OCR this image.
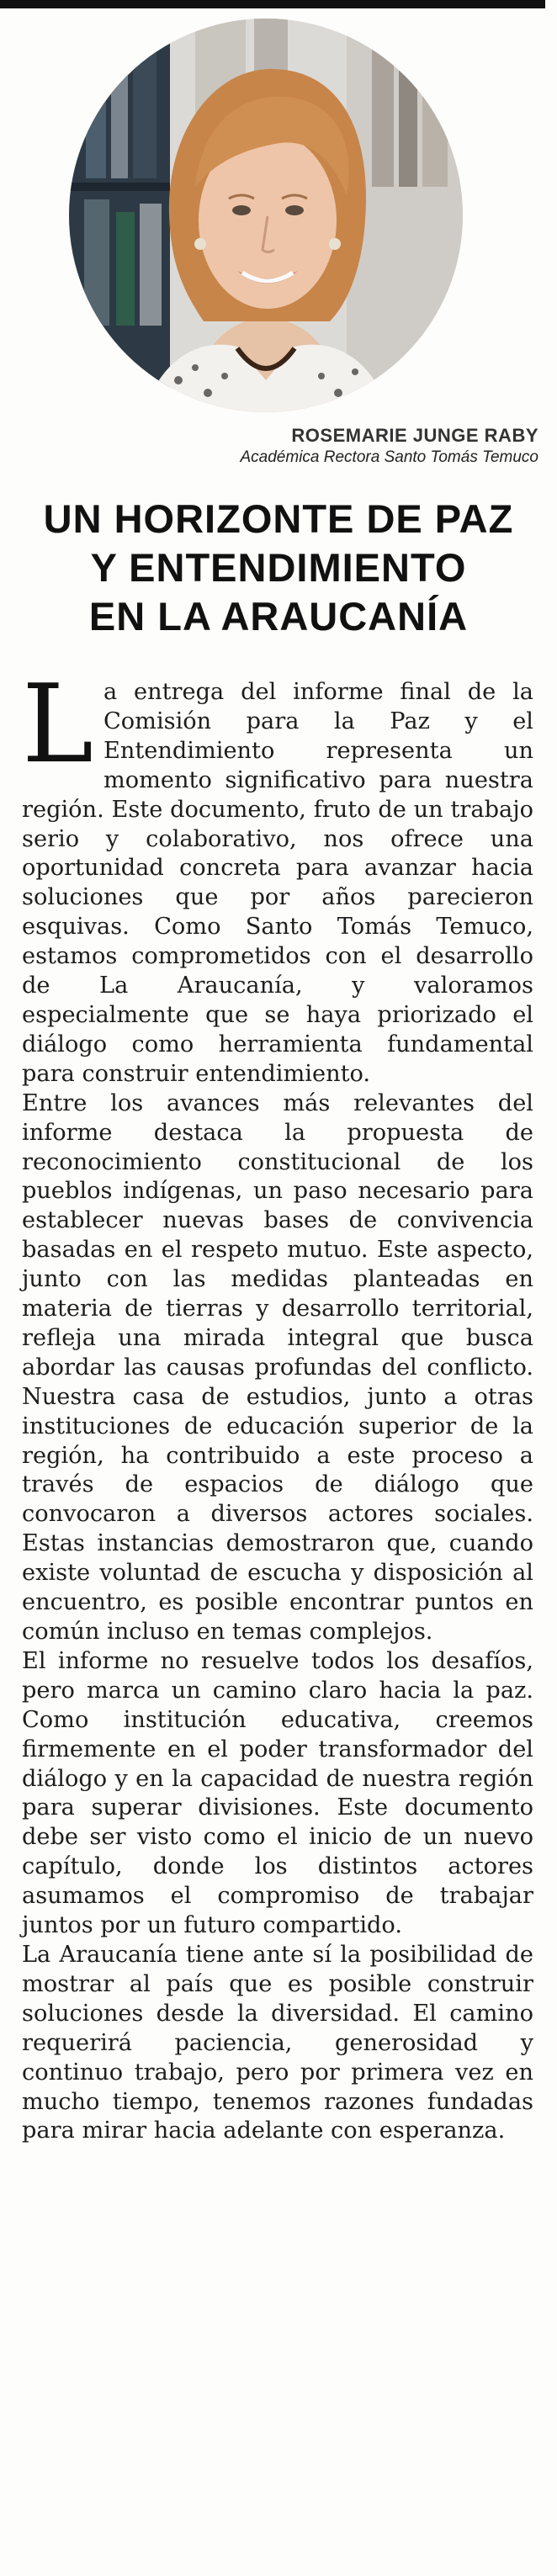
ROSEMARIE JUNGE RABY
Académica Rectora Santo Tomás Temuco
UN HORIZONTE DE PAZ
Y ENTENDIMIENTO
EN LA ARAUCANÍA

La entrega del informe final de la Comisión para la Paz y el Entendimiento representa un momento significativo para nuestra región. Este documento, fruto de un trabajo serio y colaborativo, nos ofrece una oportunidad concreta para avanzar hacia soluciones que por años parecieron esquivas. Como Santo Tomás Temuco, estamos comprometidos con el desarrollo de La Araucanía, y valoramos especialmente que se haya priorizado el diálogo como herramienta fundamental para construir entendimiento.

Entre los avances más relevantes del informe destaca la propuesta de reconocimiento constitucional de los pueblos indígenas, un paso necesario para establecer nuevas bases de convivencia basadas en el respeto mutuo. Este aspecto, junto con las medidas planteadas en materia de tierras y desarrollo territorial, refleja una mirada integral que busca abordar las causas profundas del conflicto. Nuestra casa de estudios, junto a otras instituciones de educación superior de la región, ha contribuido a este proceso a través de espacios de diálogo que convocaron a diversos actores sociales. Estas instancias demostraron que, cuando existe voluntad de escucha y disposición al encuentro, es posible encontrar puntos en común incluso en temas complejos.

El informe no resuelve todos los desafíos, pero marca un camino claro hacia la paz. Como institución educativa, creemos firmemente en el poder transformador del diálogo y en la capacidad de nuestra región para superar divisiones. Este documento debe ser visto como el inicio de un nuevo capítulo, donde los distintos actores asumamos el compromiso de trabajar juntos por un futuro compartido.

La Araucanía tiene ante sí la posibilidad de mostrar al país que es posible construir soluciones desde la diversidad. El camino requerirá paciencia, generosidad y continuo trabajo, pero por primera vez en mucho tiempo, tenemos razones fundadas para mirar hacia adelante con esperanza.
